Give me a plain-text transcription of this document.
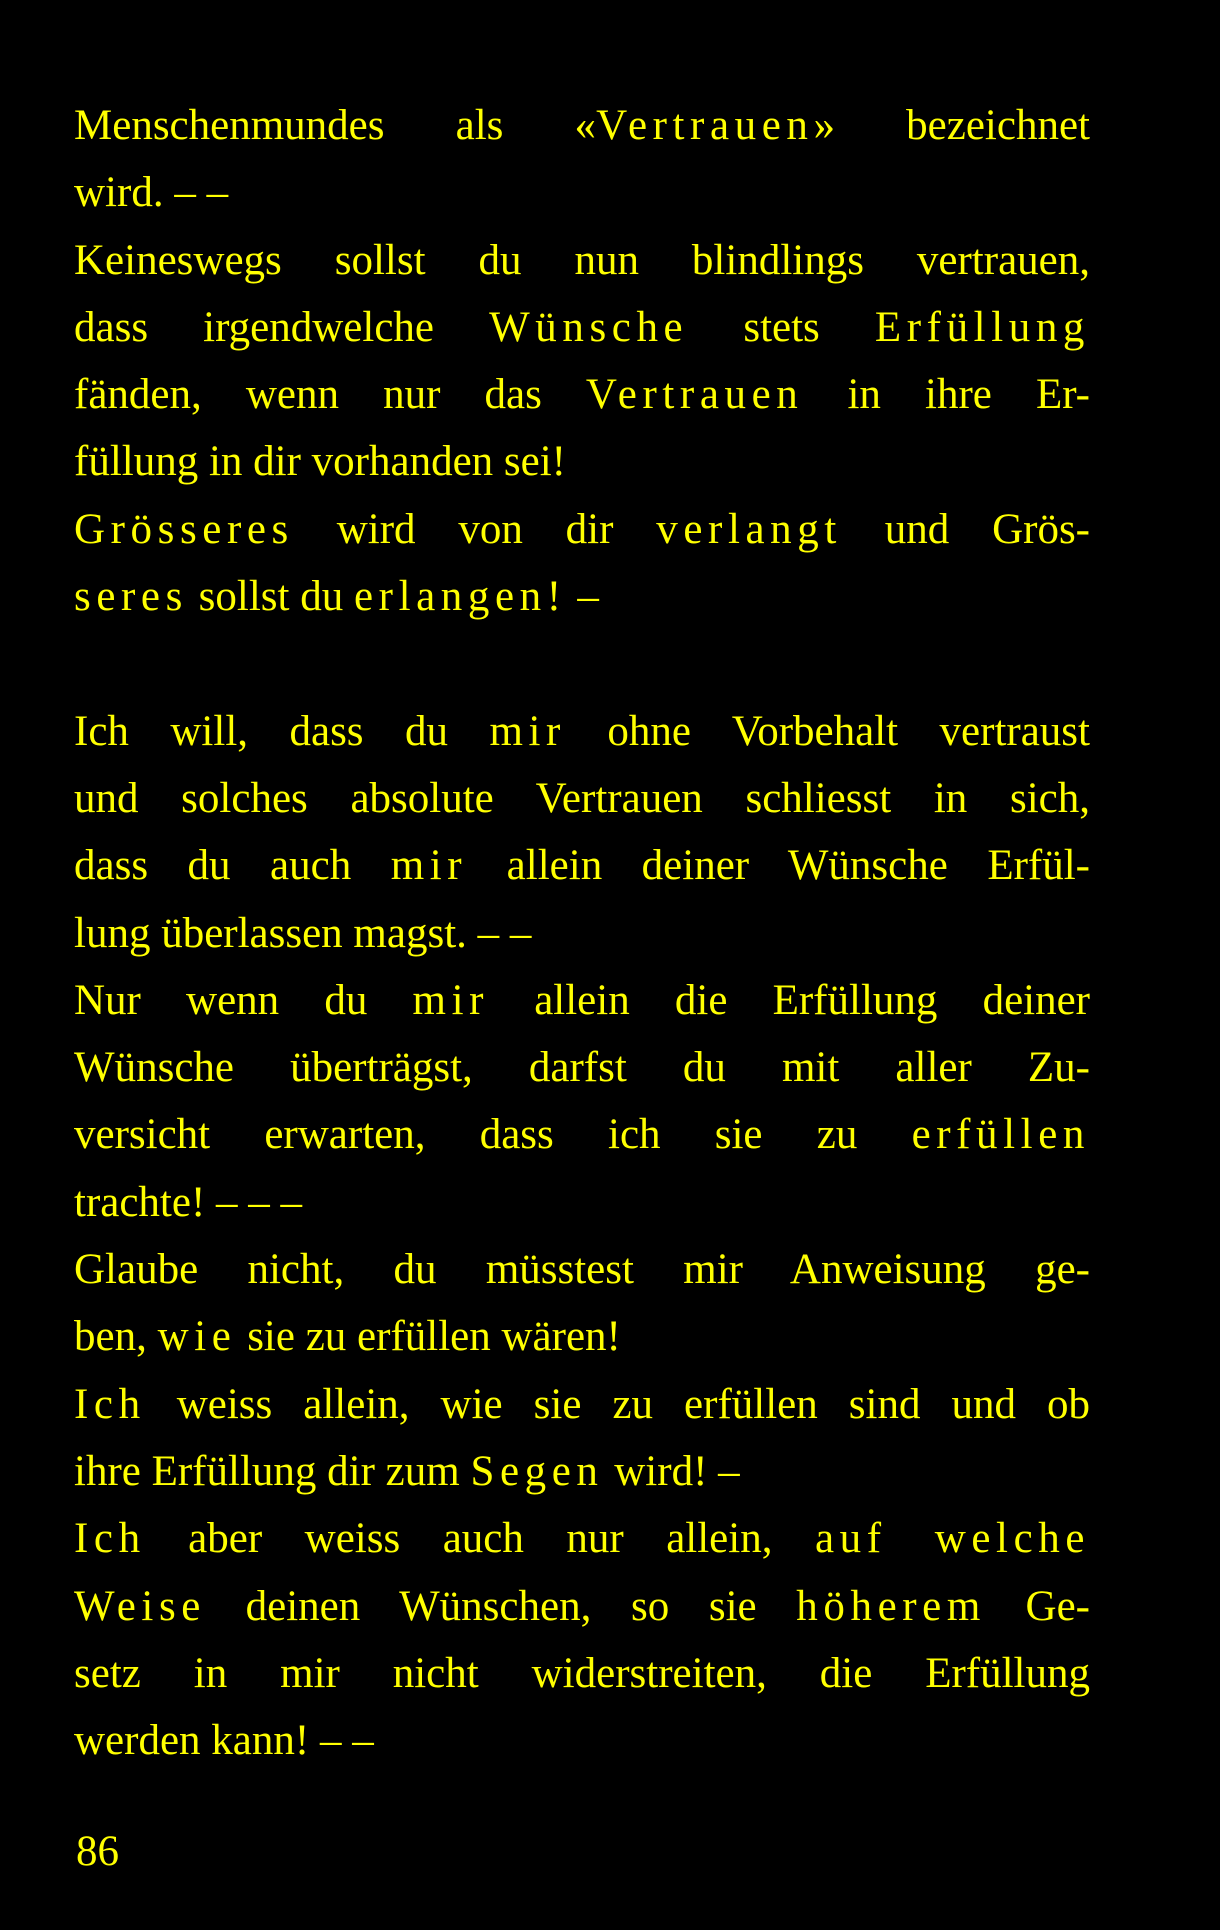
Menschenmundes als «Vertrauen» bezeichnet
wird. – –
Keineswegs sollst du nun blindlings vertrauen,
dass irgendwelche Wünsche stets Erfüllung
fänden, wenn nur das Vertrauen in ihre Er-
füllung in dir vorhanden sei!
Grösseres wird von dir verlangt und Grös-
seres sollst du erlangen! –
Ich will, dass du mir ohne Vorbehalt vertraust
und solches absolute Vertrauen schliesst in sich,
dass du auch mir allein deiner Wünsche Erfül-
lung überlassen magst. – –
Nur wenn du mir allein die Erfüllung deiner
Wünsche überträgst, darfst du mit aller Zu-
versicht erwarten, dass ich sie zu erfüllen
trachte! – – –
Glaube nicht, du müsstest mir Anweisung ge-
ben, wie sie zu erfüllen wären!
Ich weiss allein, wie sie zu erfüllen sind und ob
ihre Erfüllung dir zum Segen wird! –
Ich aber weiss auch nur allein, auf welche
Weise deinen Wünschen, so sie höherem Ge-
setz in mir nicht widerstreiten, die Erfüllung
werden kann! – –
86
